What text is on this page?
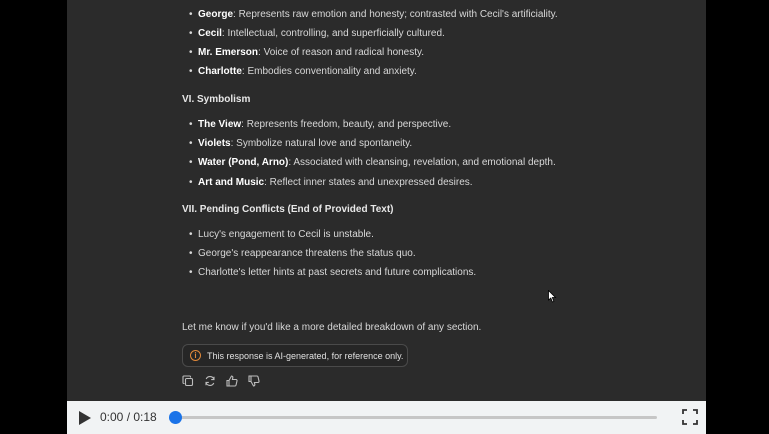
• George: Represents raw emotion and honesty; contrasted with Cecil's artificiality.
• Cecil: Intellectual, controlling, and superficially cultured.
• Mr. Emerson: Voice of reason and radical honesty.
• Charlotte: Embodies conventionality and anxiety.
VI. Symbolism
• The View: Represents freedom, beauty, and perspective.
• Violets: Symbolize natural love and spontaneity.
• Water (Pond, Arno): Associated with cleansing, revelation, and emotional depth.
• Art and Music: Reflect inner states and unexpressed desires.
VII. Pending Conflicts (End of Provided Text)
• Lucy's engagement to Cecil is unstable.
• George's reappearance threatens the status quo.
• Charlotte's letter hints at past secrets and future complications.
Let me know if you'd like a more detailed breakdown of any section.
i	This response is AI-generated, for reference only.
0:00 / 0:18
